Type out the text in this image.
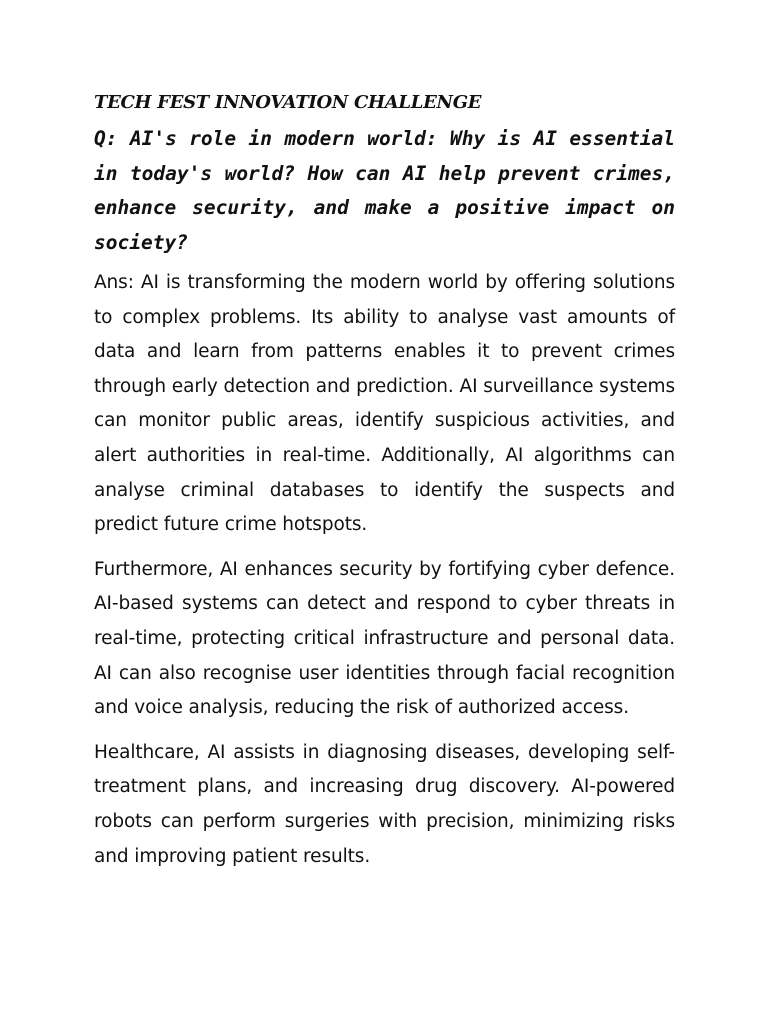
TECH FEST INNOVATION CHALLENGE

Q: AI's role in modern world: Why is AI essential in today's world? How can AI help prevent crimes, enhance security, and make a positive impact on society?

Ans: AI is transforming the modern world by offering solutions to complex problems. Its ability to analyse vast amounts of data and learn from patterns enables it to prevent crimes through early detection and prediction. AI surveillance systems can monitor public areas, identify suspicious activities, and alert authorities in real-time. Additionally, AI algorithms can analyse criminal databases to identify the suspects and predict future crime hotspots.

Furthermore, AI enhances security by fortifying cyber defence. AI-based systems can detect and respond to cyber threats in real-time, protecting critical infrastructure and personal data. AI can also recognise user identities through facial recognition and voice analysis, reducing the risk of authorized access.

Healthcare, AI assists in diagnosing diseases, developing self-treatment plans, and increasing drug discovery. AI-powered robots can perform surgeries with precision, minimizing risks and improving patient results.
